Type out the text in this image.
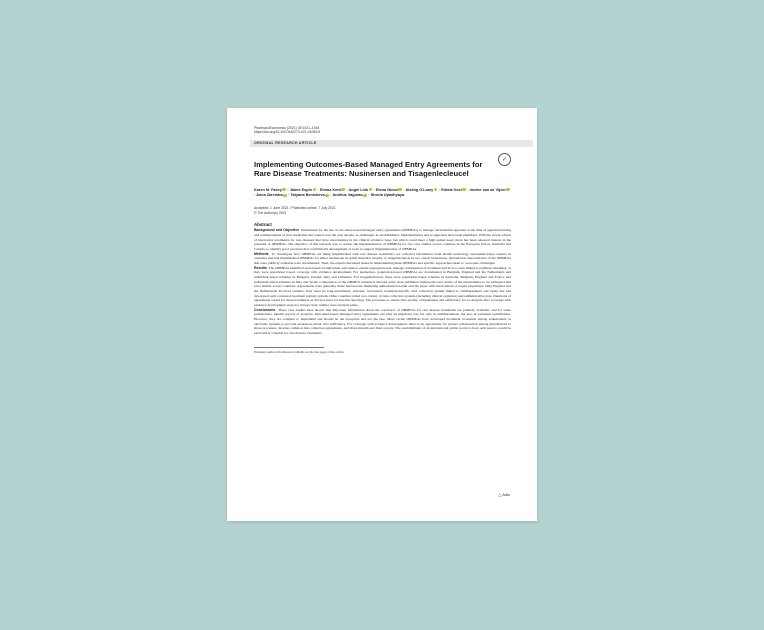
PharmacoEconomics (2021) 39:1021–1044
https://doi.org/10.1007/s40273-021-01050-5
ORIGINAL RESEARCH ARTICLE
✓
Implementing Outcomes-Based Managed Entry Agreements for Rare Disease Treatments: Nusinersen and Tisagenlecleucel
Karen M. Facey · Jaime Espin · Emma Kent · Angèl Link · Elena Nicod · Aisling O'Leary · Entela Xoxi · Ineeke van de Vijver · Anna Zaremba · Tatyana Benisheva · Andrius Vagoras · Sheela Upadhyaya
Accepted: 1 June 2021 / Published online: 7 July 2021
© The Author(s) 2021
Abstract
Background and Objective Enthusiasm for the use of outcomes-based managed entry agreements (OBMEAs) to manage uncertainties apparent at the time of appraisal/pricing and reimbursement of new medicines has waned over the past decade, as challenges in establishment, implementation and re-appraisal have been identified. With the recent advent of innovative treatments for rare diseases that have uncertainties in the clinical evidence base, but which could meet a high unmet need, there has been renewed interest in the potential of OBMEAs. The objective of this research was to review the implementation of OBMEAs for two case studies across countries in the European Union, Australia and Canada, to identify good practices that could inform development of tools to support implementation of OBMEAs.
Methods To investigate how OBMEAs are being implemented with rare disease treatments, we collected information from health technology assessment/payer experts in countries that had implemented OBMEAs for either nusinersen in spinal muscular atrophy or tisagenlecleucel in two cancer indications. Operational characteristics of the OBMEAs that were publicly available were documented. Then, the experts discussed issues in implementing these OBMEAs and specific approaches taken to overcome challenges.
Results The OBMEAs identified were based on individual outcomes to ensure appropriate use, manage continuation of treatment and in two cases linked to payment schedules, or they were population based, coverage with evidence development. For nusinersen, population-based OBMEAs are documented in Belgium, England and the Netherlands and individual-based schemes in Bulgaria, Ireland, Italy and Lithuania. For tisagenlecleucel, there were population-based schemes in Australia, Belgium, England and France and individual-based schemes in Italy and Spain. Comparison of the OBMEA constructs showed some clear published frameworks and clarity of the uncertainties to be addressed that were similar across countries. Agreements were generally made between the marketing authorisation holder and the payer with involvement of expert physicians. Only England and the Netherlands involved patients. Italy used its long-established, national, web-based, treatment-specific data collection system linked to reimbursement and Spain has just developed such a national treatment registry system. Other countries relied on a variety of data collection systems (including clinical registries) and administrative data. Durations of agreements varied for these treatments as did processes for interim reporting. The processes to ensure data quality, completeness and sufficiency for re-analysis after coverage with evidence development were not always clear, neither were analysis plans.
Conclusions These case studies have shown that important information about the constructs of OBMEAs for rare disease treatments are publicly available, and for some jurisdictions, interim reports of progress. Outcomes-based managed entry agreements can play an important role not only in reimbursement, but also in treatment optimisation. However, they are complex to implement and should be the exception and not the rule. More recent OBMEAs have developed document covenants among stakeholders or electronic systems to provide assurances about data sufficiency. For coverage with evidence development, there is an opportunity for greater collaboration among jurisdictions to share processes, develop common data collection agreements, and share interim and final reports. The establishment of an international public portal to host such reports would be particularly valuable for rare disease treatments.
Extended author information available on the last page of the article
△ Adis
